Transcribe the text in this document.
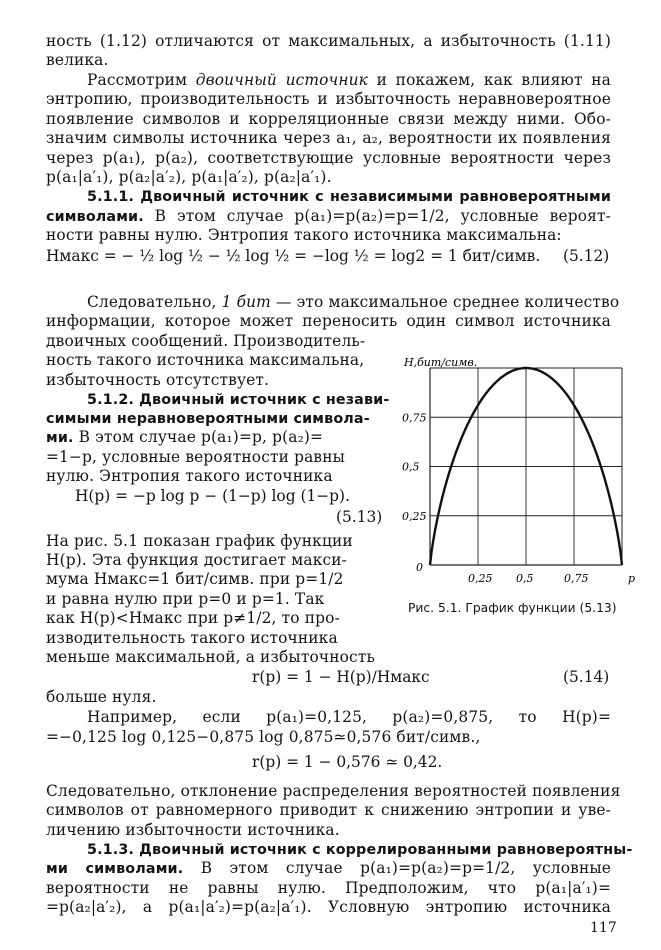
ность (1.12) отличаются от максимальных, а избыточность (1.11)
велика.
Рассмотрим двоичный источник и покажем, как влияют на
энтропию, производительность и избыточность неравновероятное
появление символов и корреляционные связи между ними. Обо-
значим символы источника через a₁, a₂, вероятности их появления
через p(a₁), p(a₂), соответствующие условные вероятности через
p(a₁|a′₁), p(a₂|a′₂), p(a₁|a′₂), p(a₂|a′₁).
5.1.1. Двоичный источник с независимыми равновероятными
символами. В этом случае p(a₁)=p(a₂)=p=1/2, условные вероят-
ности равны нулю. Энтропия такого источника максимальна:
Hмакс = − ½ log ½ − ½ log ½ = −log ½ = log2 = 1 бит/симв.	(5.12)
Следовательно, 1 бит — это максимальное среднее количество
информации, которое может переносить один символ источника
двоичных сообщений. Производитель-
ность такого источника максимальна,
избыточность отсутствует.
5.1.2. Двоичный источник с незави-
симыми неравновероятными символа-
ми. В этом случае p(a₁)=p, p(a₂)=
=1−p, условные вероятности равны
нулю. Энтропия такого источника
H(p) = −p log p − (1−p) log (1−p).
(5.13)
На рис. 5.1 показан график функции
H(p). Эта функция достигает макси-
мума Hмакс=1 бит/симв. при p=1/2
и равна нулю при p=0 и p=1. Так
как H(p)<Hмакс при p≠1/2, то про-
изводительность такого источника
меньше максимальной, а избыточность
r(p) = 1 − H(p)/Hмакс	(5.14)
больше нуля.
Например, если p(a₁)=0,125, p(a₂)=0,875, то H(p)=
=−0,125 log 0,125−0,875 log 0,875≃0,576 бит/симв.,
r(p) = 1 − 0,576 ≃ 0,42.
Следовательно, отклонение распределения вероятностей появления
символов от равномерного приводит к снижению энтропии и уве-
личению избыточности источника.
5.1.3. Двоичный источник с коррелированными равновероятны-
ми символами. В этом случае p(a₁)=p(a₂)=p=1/2, условные
вероятности не равны нулю. Предположим, что p(a₁|a′₁)=
=p(a₂|a′₂), а p(a₁|a′₂)=p(a₂|a′₁). Условную энтропию источника
117
H,бит/симв.
0,25
0,5
0,75
0
0,25 0,5	0,75	p
Рис. 5.1. График функции (5.13)
